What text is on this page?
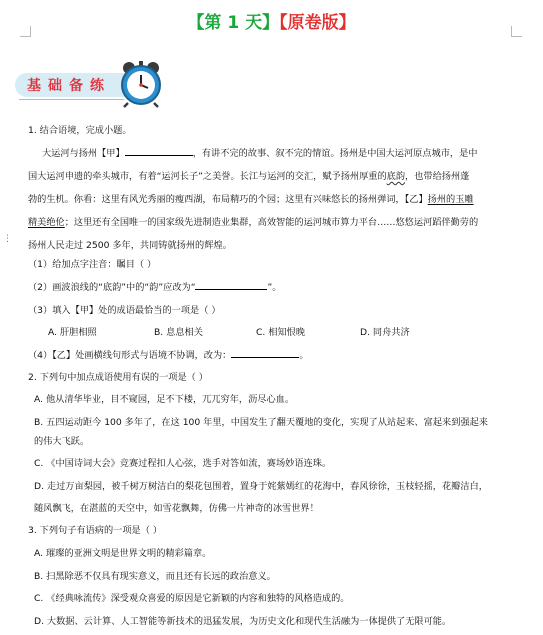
⋮
【第 1 天】【原卷版】
基础备练
1. 结合语境，完成小题。
大运河与扬州【甲】	，有讲不完的故事、叙不完的情谊。扬州是中国大运河原点城市，是中
国大运河申遗的牵头城市，有着“运河长子”之美誉。长江与运河的交汇，赋予扬州厚重的底韵，也带给扬州蓬
勃的生机。你看：这里有风光秀丽的瘦西湖，布局精巧的个园；这里有兴味悠长的扬州弹词，【乙】扬州的玉雕
精美绝伦；这里还有全国唯一的国家级先进制造业集群，高效智能的运河城市算力平台……悠悠运河蹈伴勤劳的
扬州人民走过 2500 多年，共同铸就扬州的辉煌。
（1）给加点字注音：瞩目（ ）
（2）画波浪线的“底韵”中的“韵”应改为“	”。
（3）填入【甲】处的成语最恰当的一项是（ ）
A. 肝胆相照	B. 息息相关	C. 相知恨晚	D. 同舟共济
（4）【乙】处画横线句形式与语境不协调，改为：	。
2. 下列句中加点成语使用有误的一项是（ ）
A. 他从清华毕业，目不窥园，足不下楼，兀兀穷年，沥尽心血。
B. 五四运动距今 100 多年了，在这 100 年里，中国发生了翻天覆地的变化，实现了从站起来、富起来到强起来
的伟大飞跃。
C. 《中国诗词大会》竞赛过程扣人心弦，选手对答如流，赛场妙语连珠。
D. 走过万亩梨园，被千树万树洁白的梨花包围着，置身于姹紫嫣红的花海中，春风徐徐，玉枝轻摇，花瓣洁白，
随风飘飞，在湛蓝的天空中，如雪花飘舞，仿佛一片神奇的冰雪世界！
3. 下列句子有语病的一项是（ ）
A. 璀璨的亚洲文明是世界文明的精彩篇章。
B. 扫黑除恶不仅具有现实意义，而且还有长远的政治意义。
C. 《经典咏流传》深受观众喜爱的原因是它新颖的内容和独特的风格造成的。
D. 大数据、云计算、人工智能等新技术的迅猛发展，为历史文化和现代生活融为一体提供了无限可能。
